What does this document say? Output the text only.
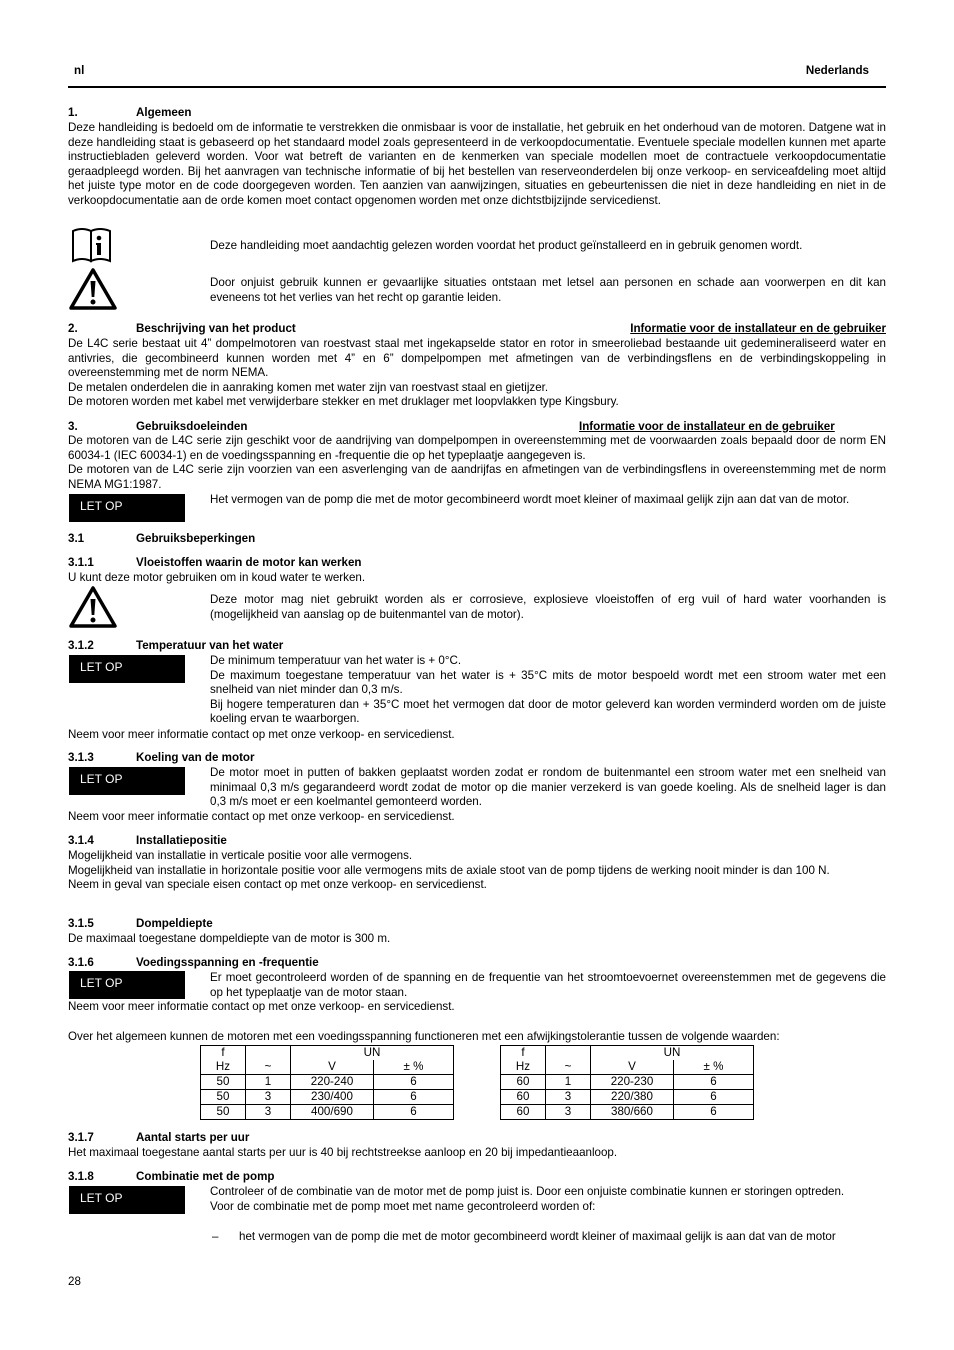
nl	Nederlands
1.	Algemeen

Deze handleiding is bedoeld om de informatie te verstrekken die onmisbaar is voor de installatie, het gebruik en het onderhoud van de motoren. Datgene wat in deze handleiding staat is gebaseerd op het standaard model zoals gepresenteerd in de verkoopdocumentatie. Eventuele speciale modellen kunnen met aparte instructiebladen geleverd worden. Voor wat betreft de varianten en de kenmerken van speciale modellen moet de contractuele verkoopdocumentatie geraadpleegd worden. Bij het aanvragen van technische informatie of bij het bestellen van reserveonderdelen bij onze verkoop- en serviceafdeling moet altijd het juiste type motor en de code doorgegeven worden. Ten aanzien van aanwijzingen, situaties en gebeurtenissen die niet in deze handleiding en niet in de verkoopdocumentatie aan de orde komen moet contact opgenomen worden met onze dichtstbijzijnde servicedienst.

Deze handleiding moet aandachtig gelezen worden voordat het product geïnstalleerd en in gebruik genomen wordt.

Door onjuist gebruik kunnen er gevaarlijke situaties ontstaan met letsel aan personen en schade aan voorwerpen en dit kan eveneens tot het verlies van het recht op garantie leiden.

2.	Beschrijving van het product	Informatie voor de installateur en de gebruiker

De L4C serie bestaat uit 4” dompelmotoren van roestvast staal met ingekapselde stator en rotor in smeeroliebad bestaande uit gedemineraliseerd water en antivries, die gecombineerd kunnen worden met 4” en 6” dompelpompen met afmetingen van de verbindingsflens en de verbindingskoppeling in overeenstemming met de norm NEMA.

De metalen onderdelen die in aanraking komen met water zijn van roestvast staal en gietijzer.

De motoren worden met kabel met verwijderbare stekker en met druklager met loopvlakken type Kingsbury.

3.	Gebruiksdoeleinden	Informatie voor de installateur en de gebruiker

De motoren van de L4C serie zijn geschikt voor de aandrijving van dompelpompen in overeenstemming met de voorwaarden zoals bepaald door de norm EN 60034-1 (IEC 60034-1) en de voedingsspanning en -frequentie die op het typeplaatje aangegeven is.

De motoren van de L4C serie zijn voorzien van een asverlenging van de aandrijfas en afmetingen van de verbindingsflens in overeenstemming met de norm NEMA MG1:1987.

LET OP	Het vermogen van de pomp die met de motor gecombineerd wordt moet kleiner of maximaal gelijk zijn aan dat van de motor.

3.1	Gebruiksbeperkingen
3.1.1	Vloeistoffen waarin de motor kan werken

U kunt deze motor gebruiken om in koud water te werken.

Deze motor mag niet gebruikt worden als er corrosieve, explosieve vloeistoffen of erg vuil of hard water voorhanden is (mogelijkheid van aanslag op de buitenmantel van de motor).

3.1.2	Temperatuur van het water
LET OP	De minimum temperatuur van het water is + 0°C.

De maximum toegestane temperatuur van het water is + 35°C mits de motor bespoeld wordt met een stroom water met een snelheid van niet minder dan 0,3 m/s.

Bij hogere temperaturen dan + 35°C moet het vermogen dat door de motor geleverd kan worden verminderd worden om de juiste koeling ervan te waarborgen.

Neem voor meer informatie contact op met onze verkoop- en servicedienst.

3.1.3	Koeling van de motor
LET OP	De motor moet in putten of bakken geplaatst worden zodat er rondom de buitenmantel een stroom water met een snelheid van minimaal 0,3 m/s gegarandeerd wordt zodat de motor op die manier verzekerd is van goede koeling. Als de snelheid lager is dan 0,3 m/s moet er een koelmantel gemonteerd worden.

Neem voor meer informatie contact op met onze verkoop- en servicedienst.

3.1.4	Installatiepositie

Mogelijkheid van installatie in verticale positie voor alle vermogens.

Mogelijkheid van installatie in horizontale positie voor alle vermogens mits de axiale stoot van de pomp tijdens de werking nooit minder is dan 100 N.

Neem in geval van speciale eisen contact op met onze verkoop- en servicedienst.

3.1.5	Dompeldiepte

De maximaal toegestane dompeldiepte van de motor is 300 m.

3.1.6	Voedingsspanning en -frequentie
LET OP	Er moet gecontroleerd worden of de spanning en de frequentie van het stroomtoevoernet overeenstemmen met de gegevens die op het typeplaatje van de motor staan.

Neem voor meer informatie contact op met onze verkoop- en servicedienst.

Over het algemeen kunnen de motoren met een voedingsspanning functioneren met een afwijkingstolerantie tussen de volgende waarden:

f		UN	
Hz	~	V	± %
50	1	220-240	6
50	3	230/400	6
50	3	400/690	6
f		UN	
Hz	~	V	± %
60	1	220-230	6
60	3	220/380	6
60	3	380/660	6
3.1.7	Aantal starts per uur

Het maximaal toegestane aantal starts per uur is 40 bij rechtstreekse aanloop en 20 bij impedantieaanloop.

3.1.8	Combinatie met de pomp
LET OP	Controleer of de combinatie van de motor met de pomp juist is. Door een onjuiste combinatie kunnen er storingen optreden.

Voor de combinatie met de pomp moet met name gecontroleerd worden of:

– het vermogen van de pomp die met de motor gecombineerd wordt kleiner of maximaal gelijk is aan dat van de motor

28
